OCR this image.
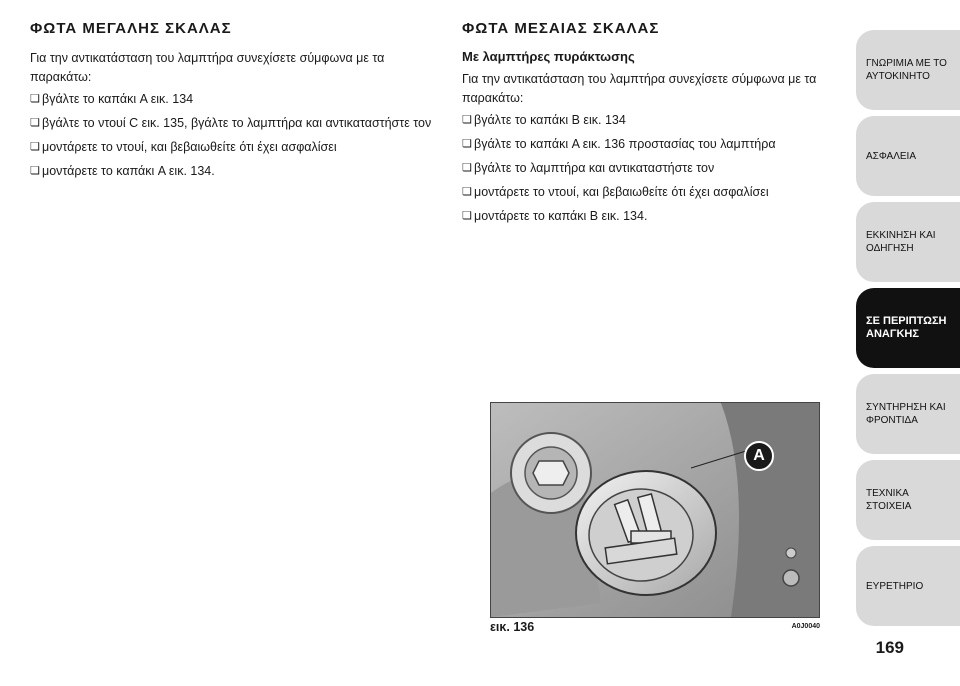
ΦΩΤΑ ΜΕΓΑΛΗΣ ΣΚΑΛΑΣ

Για την αντικατάσταση του λαμπτήρα συνεχίσετε σύμφωνα με τα παρακάτω:

❏ βγάλτε το καπάκι A εικ. 134
❏ βγάλτε το ντουί C εικ. 135, βγάλτε το λαμπτήρα και αντικαταστήστε τον
❏ μοντάρετε το ντουί, και βεβαιωθείτε ότι έχει ασφαλίσει
❏ μοντάρετε το καπάκι A εικ. 134.
ΦΩΤΑ ΜΕΣΑΙΑΣ ΣΚΑΛΑΣ
Με λαμπτήρες πυράκτωσης

Για την αντικατάσταση του λαμπτήρα συνεχίσετε σύμφωνα με τα παρακάτω:

❏ βγάλτε το καπάκι B εικ. 134
❏ βγάλτε το καπάκι A εικ. 136 προστασίας του λαμπτήρα
❏ βγάλτε το λαμπτήρα και αντικαταστήστε τον
❏ μοντάρετε το ντουί, και βεβαιωθείτε ότι έχει ασφαλίσει
❏ μοντάρετε το καπάκι B εικ. 134.
A
εικ. 136	A0J0040
ΓΝΩΡΙΜΙΑ ΜΕ ΤΟ
ΑΥΤΟΚΙΝΗΤΟ
ΑΣΦΑΛΕΙΑ
ΕΚΚΙΝΗΣΗ ΚΑΙ
ΟΔΗΓΗΣΗ
ΣΕ ΠΕΡΙΠΤΩΣΗ
ΑΝΑΓΚΗΣ
ΣΥΝΤΗΡΗΣΗ ΚΑΙ
ΦΡΟΝΤΙΔΑ
ΤΕΧΝΙΚΑ ΣΤΟΙΧΕΙΑ
ΕΥΡΕΤΗΡΙΟ
169
